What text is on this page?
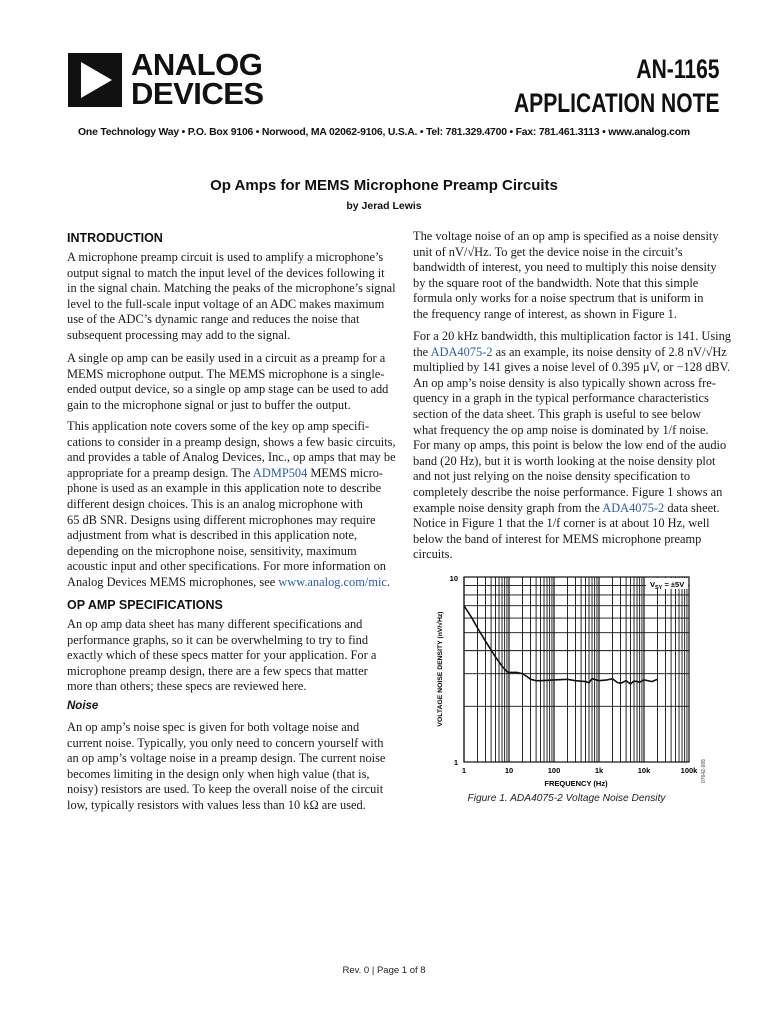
ANALOG
DEVICES
AN-1165
APPLICATION NOTE
One Technology Way • P.O. Box 9106 • Norwood, MA 02062-9106, U.S.A. • Tel: 781.329.4700 • Fax: 781.461.3113 • www.analog.com
Op Amps for MEMS Microphone Preamp Circuits
by Jerad Lewis
INTRODUCTION
A microphone preamp circuit is used to amplify a microphone’s
output signal to match the input level of the devices following it
in the signal chain. Matching the peaks of the microphone’s signal
level to the full-scale input voltage of an ADC makes maximum
use of the ADC’s dynamic range and reduces the noise that
subsequent processing may add to the signal.
A single op amp can be easily used in a circuit as a preamp for a
MEMS microphone output. The MEMS microphone is a single-
ended output device, so a single op amp stage can be used to add
gain to the microphone signal or just to buffer the output.
This application note covers some of the key op amp specifi-
cations to consider in a preamp design, shows a few basic circuits,
and provides a table of Analog Devices, Inc., op amps that may be
appropriate for a preamp design. The ADMP504 MEMS micro-
phone is used as an example in this application note to describe
different design choices. This is an analog microphone with
65 dB SNR. Designs using different microphones may require
adjustment from what is described in this application note,
depending on the microphone noise, sensitivity, maximum
acoustic input and other specifications. For more information on
Analog Devices MEMS microphones, see www.analog.com/mic.
OP AMP SPECIFICATIONS
An op amp data sheet has many different specifications and
performance graphs, so it can be overwhelming to try to find
exactly which of these specs matter for your application. For a
microphone preamp design, there are a few specs that matter
more than others; these specs are reviewed here.
Noise
An op amp’s noise spec is given for both voltage noise and
current noise. Typically, you only need to concern yourself with
an op amp’s voltage noise in a preamp design. The current noise
becomes limiting in the design only when high value (that is,
noisy) resistors are used. To keep the overall noise of the circuit
low, typically resistors with values less than 10 kΩ are used.
The voltage noise of an op amp is specified as a noise density
unit of nV/√Hz. To get the device noise in the circuit’s
bandwidth of interest, you need to multiply this noise density
by the square root of the bandwidth. Note that this simple
formula only works for a noise spectrum that is uniform in
the frequency range of interest, as shown in Figure 1.
For a 20 kHz bandwidth, this multiplication factor is 141. Using
the ADA4075-2 as an example, its noise density of 2.8 nV/√Hz
multiplied by 141 gives a noise level of 0.395 μV, or −128 dBV.
An op amp’s noise density is also typically shown across fre-
quency in a graph in the typical performance characteristics
section of the data sheet. This graph is useful to see below
what frequency the op amp noise is dominated by 1/f noise.
For many op amps, this point is below the low end of the audio
band (20 Hz), but it is worth looking at the noise density plot
and not just relying on the noise density specification to
completely describe the noise performance. Figure 1 shows an
example noise density graph from the ADA4075-2 data sheet.
Notice in Figure 1 that the 1/f corner is at about 10 Hz, well
below the band of interest for MEMS microphone preamp
circuits.
$V_{SY} = \pm 5V$
10
1
1	10	100	1k	10k	100k
FREQUENCY (Hz)
VOLTAGE NOISE DENSITY (nV/√Hz)
07642-005
Figure 1. ADA4075-2 Voltage Noise Density
Rev. 0 | Page 1 of 8
